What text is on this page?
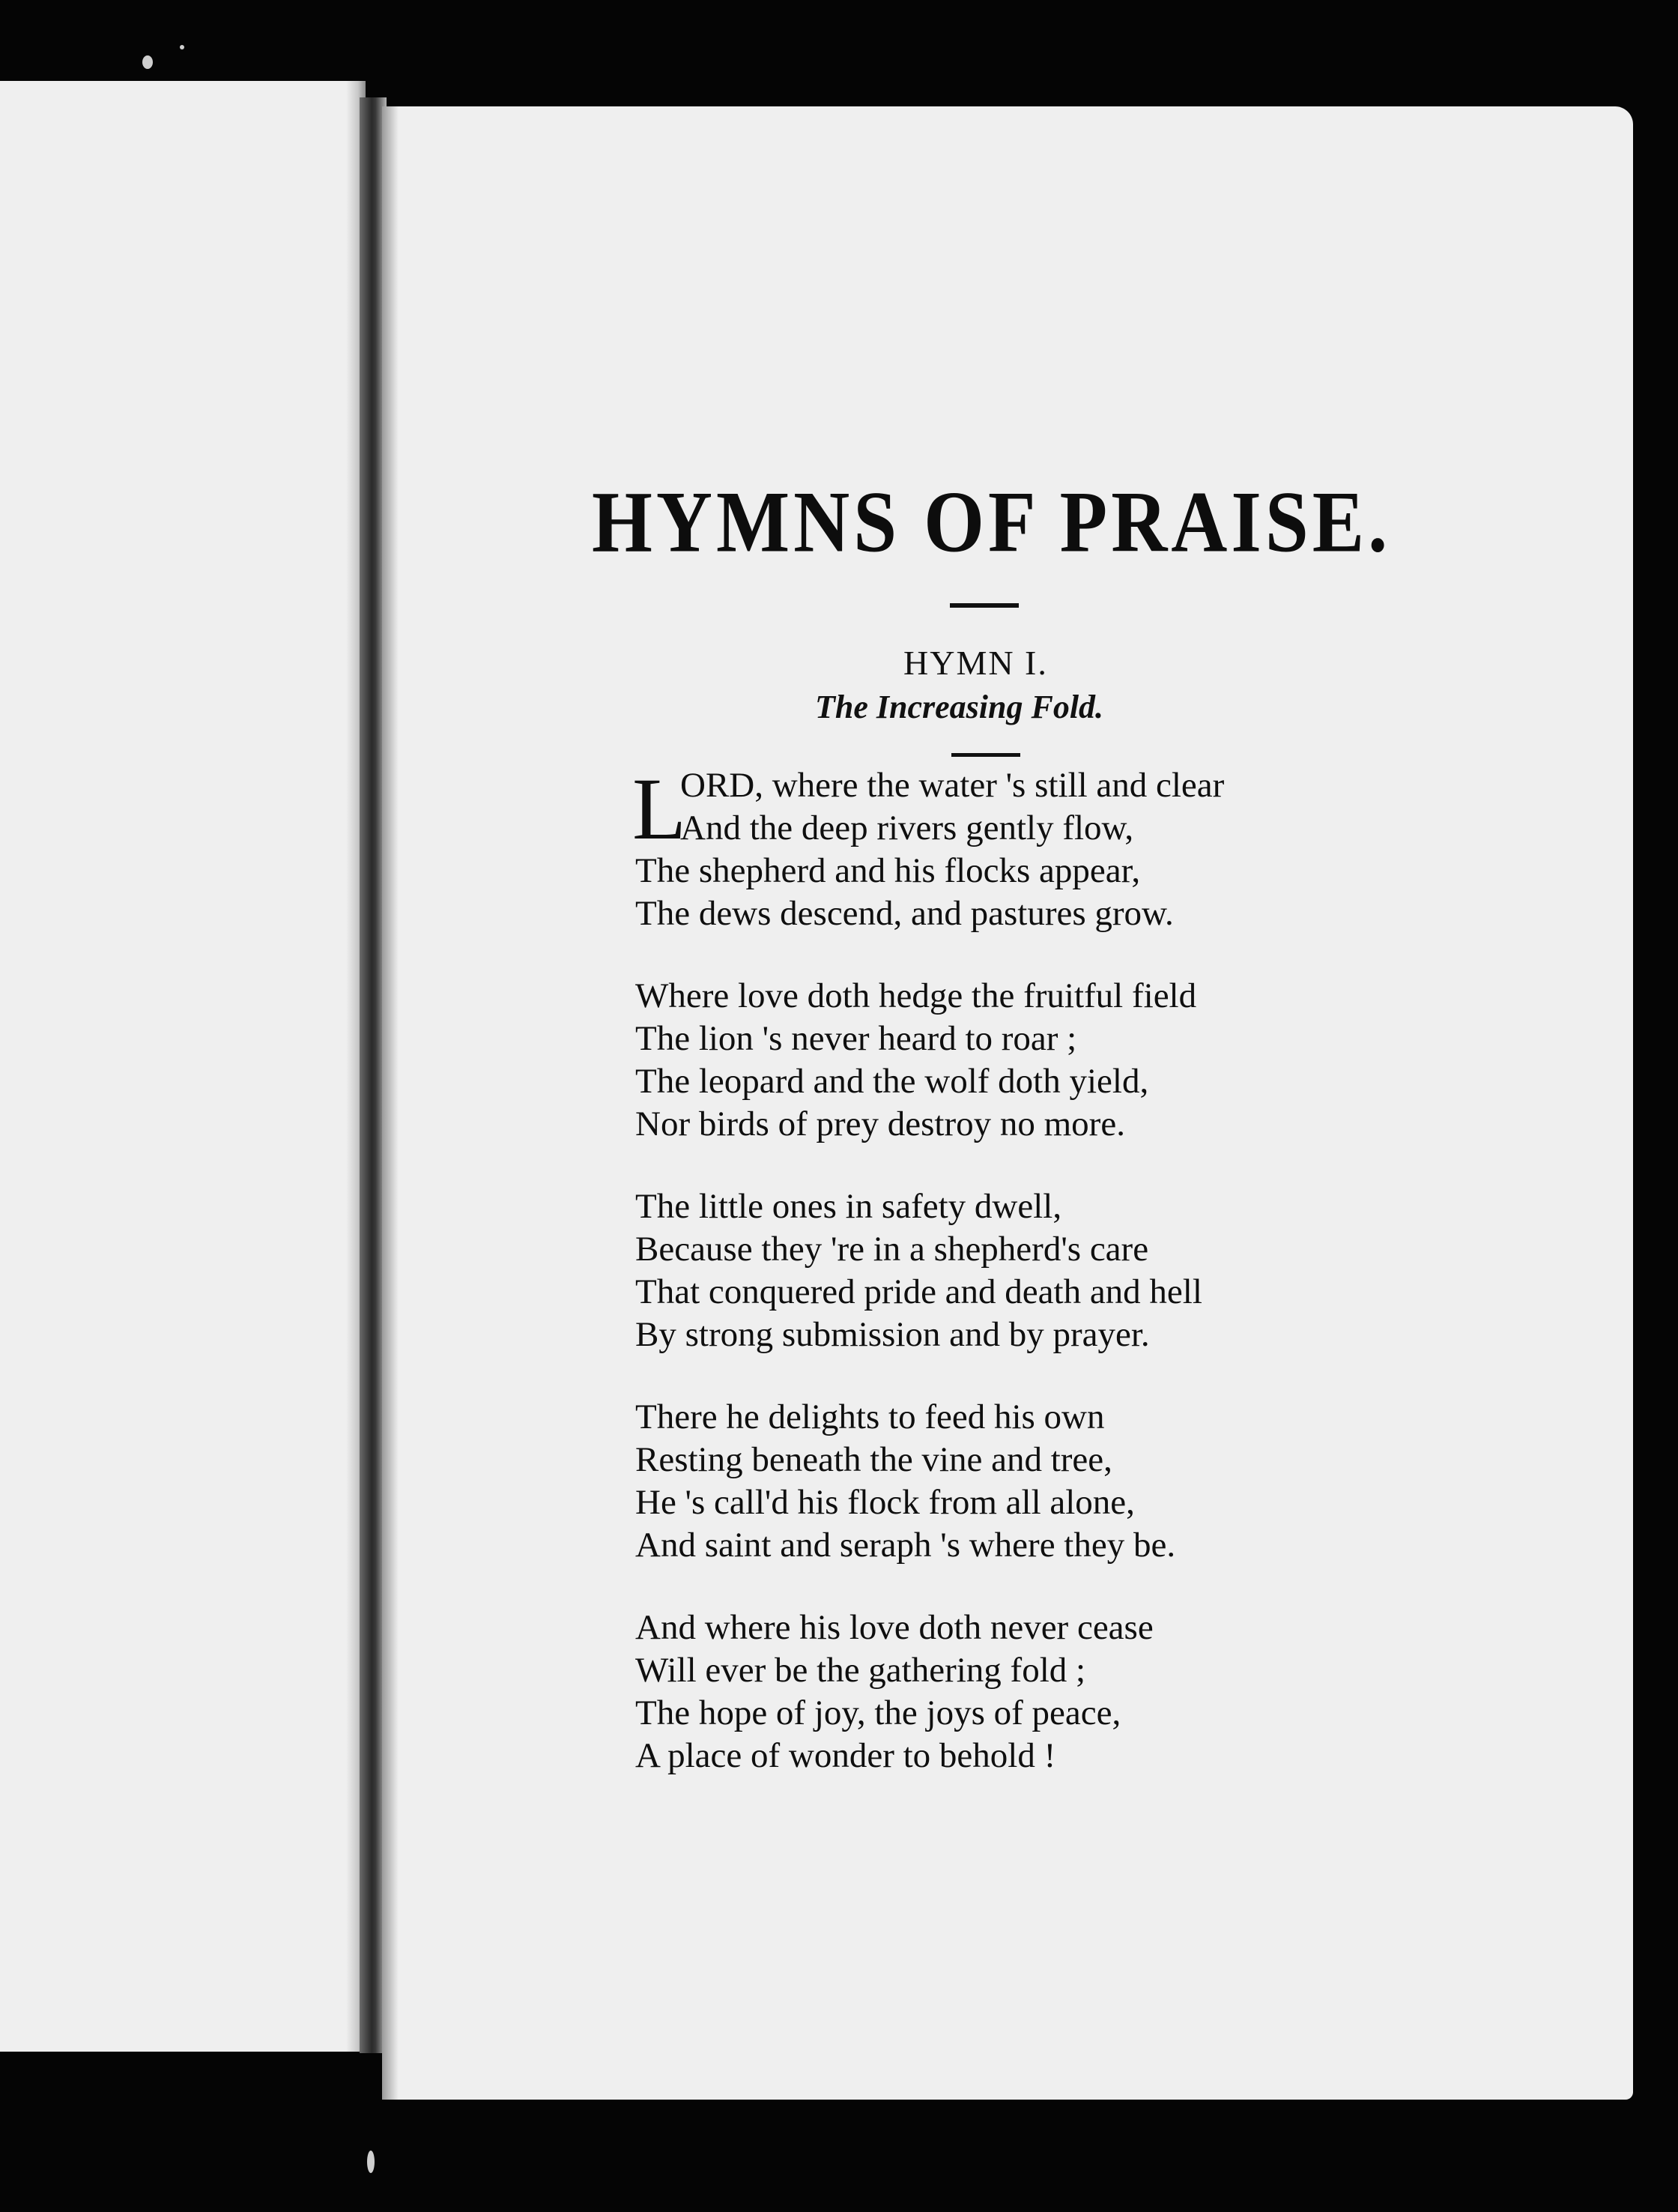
HYMNS OF PRAISE.
HYMN I.
The Increasing Fold.
L
ORD, where the water 's still and clear
And the deep rivers gently flow,
The shepherd and his flocks appear,
The dews descend, and pastures grow.
Where love doth hedge the fruitful field
The lion 's never heard to roar ;
The leopard and the wolf doth yield,
Nor birds of prey destroy no more.
The little ones in safety dwell,
Because they 're in a shepherd's care
That conquered pride and death and hell
By strong submission and by prayer.
There he delights to feed his own
Resting beneath the vine and tree,
He 's call'd his flock from all alone,
And saint and seraph 's where they be.
And where his love doth never cease
Will ever be the gathering fold ;
The hope of joy, the joys of peace,
A place of wonder to behold !
